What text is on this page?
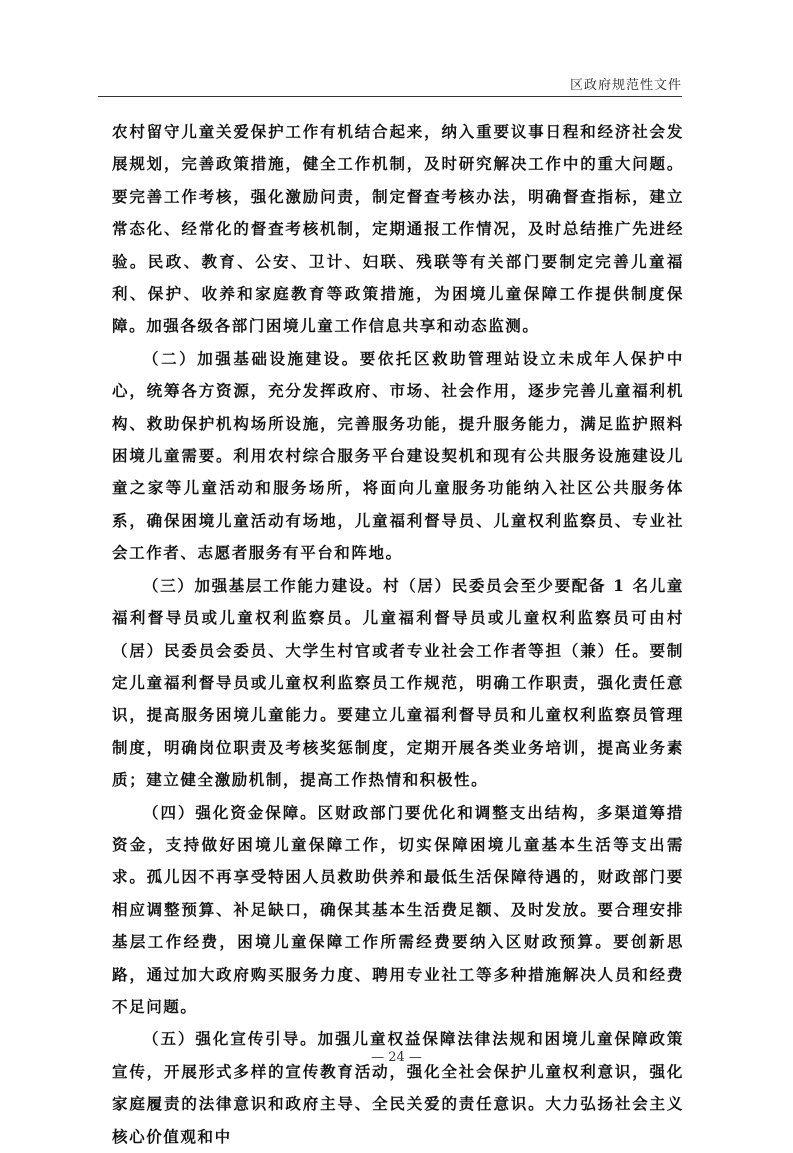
区政府规范性文件

农村留守儿童关爱保护工作有机结合起来，纳入重要议事日程和经济社会发展规划，完善政策措施，健全工作机制，及时研究解决工作中的重大问题。要完善工作考核，强化激励问责，制定督查考核办法，明确督查指标，建立常态化、经常化的督查考核机制，定期通报工作情况，及时总结推广先进经验。民政、教育、公安、卫计、妇联、残联等有关部门要制定完善儿童福利、保护、收养和家庭教育等政策措施，为困境儿童保障工作提供制度保障。加强各级各部门困境儿童工作信息共享和动态监测。

（二）加强基础设施建设。要依托区救助管理站设立未成年人保护中心，统筹各方资源，充分发挥政府、市场、社会作用，逐步完善儿童福利机构、救助保护机构场所设施，完善服务功能，提升服务能力，满足监护照料困境儿童需要。利用农村综合服务平台建设契机和现有公共服务设施建设儿童之家等儿童活动和服务场所，将面向儿童服务功能纳入社区公共服务体系，确保困境儿童活动有场地，儿童福利督导员、儿童权利监察员、专业社会工作者、志愿者服务有平台和阵地。

（三）加强基层工作能力建设。村（居）民委员会至少要配备 1 名儿童福利督导员或儿童权利监察员。儿童福利督导员或儿童权利监察员可由村（居）民委员会委员、大学生村官或者专业社会工作者等担（兼）任。要制定儿童福利督导员或儿童权利监察员工作规范，明确工作职责，强化责任意识，提高服务困境儿童能力。要建立儿童福利督导员和儿童权利监察员管理制度，明确岗位职责及考核奖惩制度，定期开展各类业务培训，提高业务素质；建立健全激励机制，提高工作热情和积极性。

（四）强化资金保障。区财政部门要优化和调整支出结构，多渠道筹措资金，支持做好困境儿童保障工作，切实保障困境儿童基本生活等支出需求。孤儿因不再享受特困人员救助供养和最低生活保障待遇的，财政部门要相应调整预算、补足缺口，确保其基本生活费足额、及时发放。要合理安排基层工作经费，困境儿童保障工作所需经费要纳入区财政预算。要创新思路，通过加大政府购买服务力度、聘用专业社工等多种措施解决人员和经费不足问题。

（五）强化宣传引导。加强儿童权益保障法律法规和困境儿童保障政策宣传，开展形式多样的宣传教育活动，强化全社会保护儿童权利意识，强化家庭履责的法律意识和政府主导、全民关爱的责任意识。大力弘扬社会主义核心价值观和中

— 24 —
